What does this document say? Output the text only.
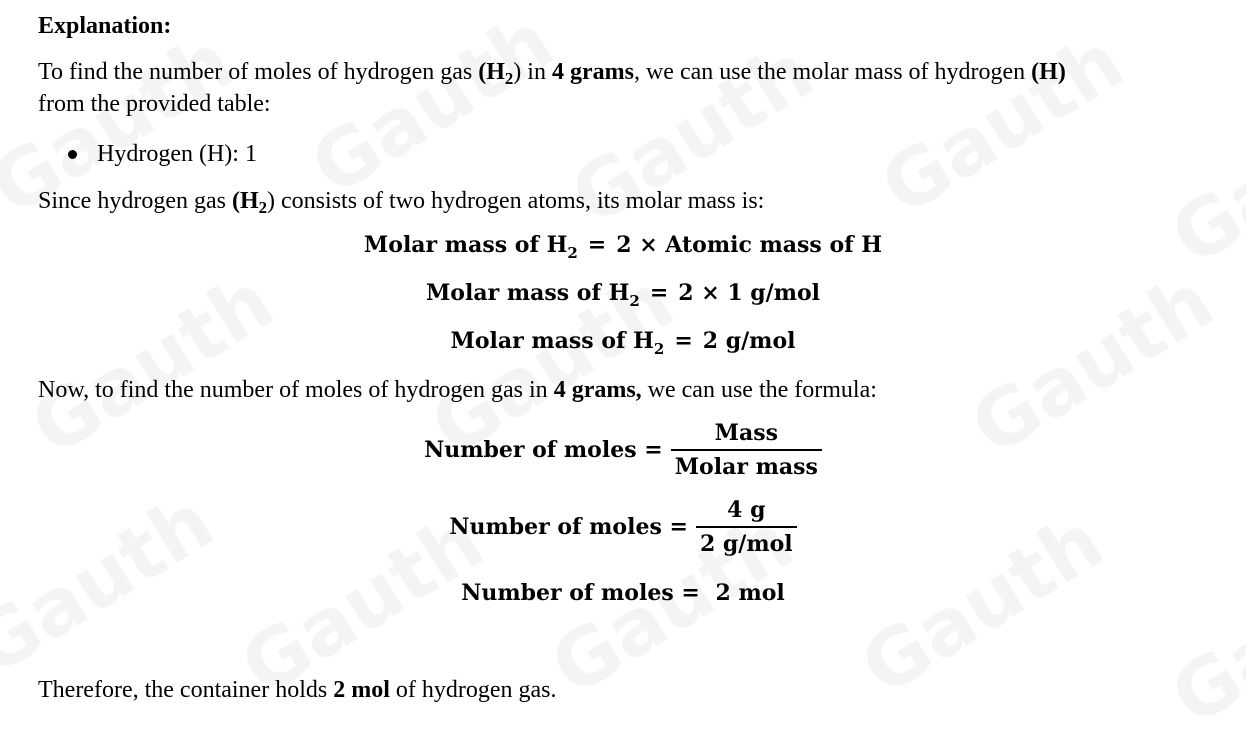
Explanation:
To find the number of moles of hydrogen gas $(H_2)$ in 4 grams, we can use the molar mass of hydrogen (H)
from the provided table:
Hydrogen (H): 1
Since hydrogen gas $(H_2)$ consists of two hydrogen atoms, its molar mass is:
Molar mass of $H_2 = 2$ × Atomic mass of H
Molar mass of $H_2 = 2 \times 1$ g/mol
Molar mass of $H_2 = 2$ g/mol
Now, to find the number of moles of hydrogen gas in 4 grams, we can use the formula:
Number of moles = $\frac{\text{Mass}}{\text{Molar mass}}$
Number of moles = $\frac{4 g}{\text{2 g/mol}}$
Number of moles = 2 mol
Therefore, the container holds 2 mol of hydrogen gas.
